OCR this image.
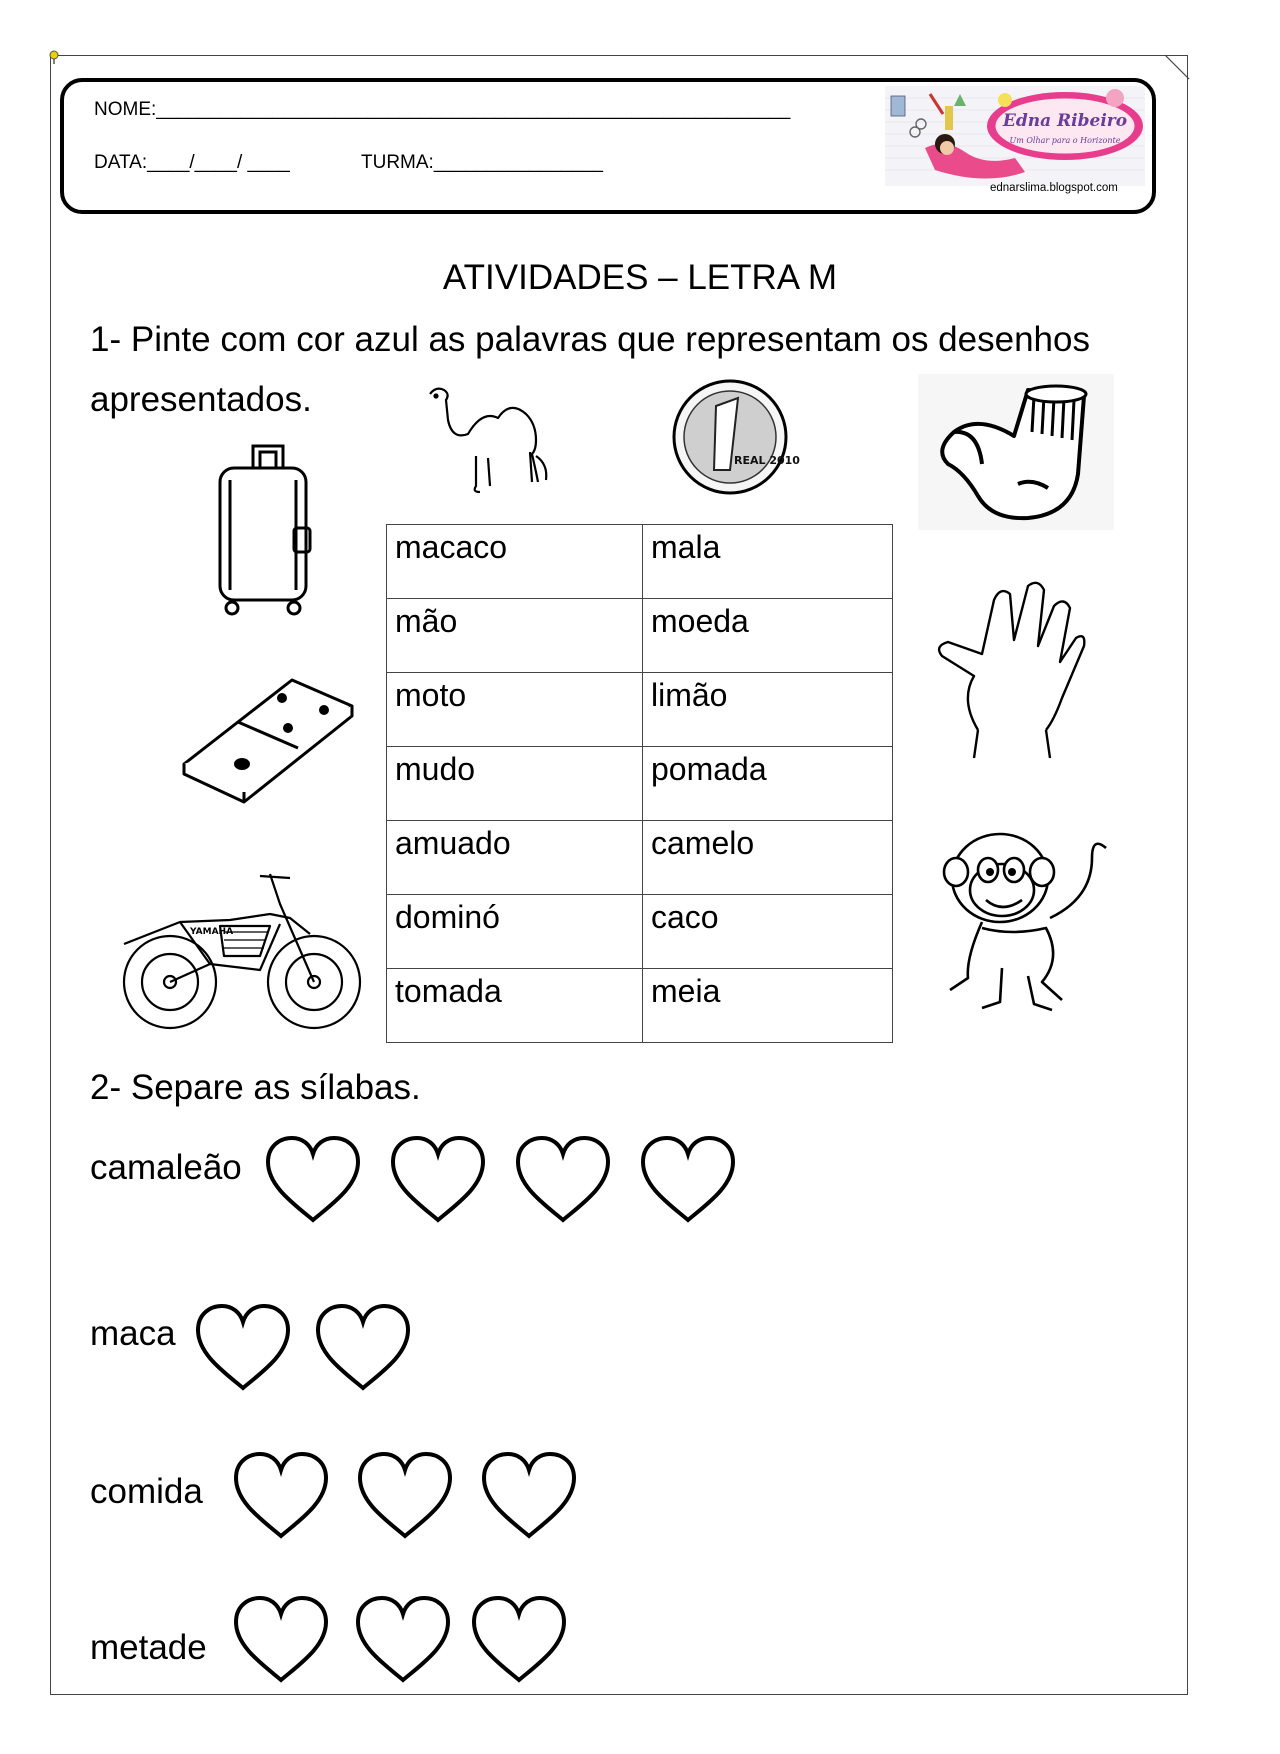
NOME:____________________________________________________________
DATA:____/____/ ____	TURMA:________________
Edna Ribeiro
Um Olhar para o Horizonte
ednarslima.blogspot.com
ATIVIDADES – LETRA M
1- Pinte com cor azul as palavras que representam os desenhos apresentados.
REAL 2010
YAMAHA
macaco	mala
mão	moeda
moto	limão
mudo	pomada
amuado	camelo
dominó	caco
tomada	meia
2- Separe as sílabas.
camaleão
maca
comida
metade
